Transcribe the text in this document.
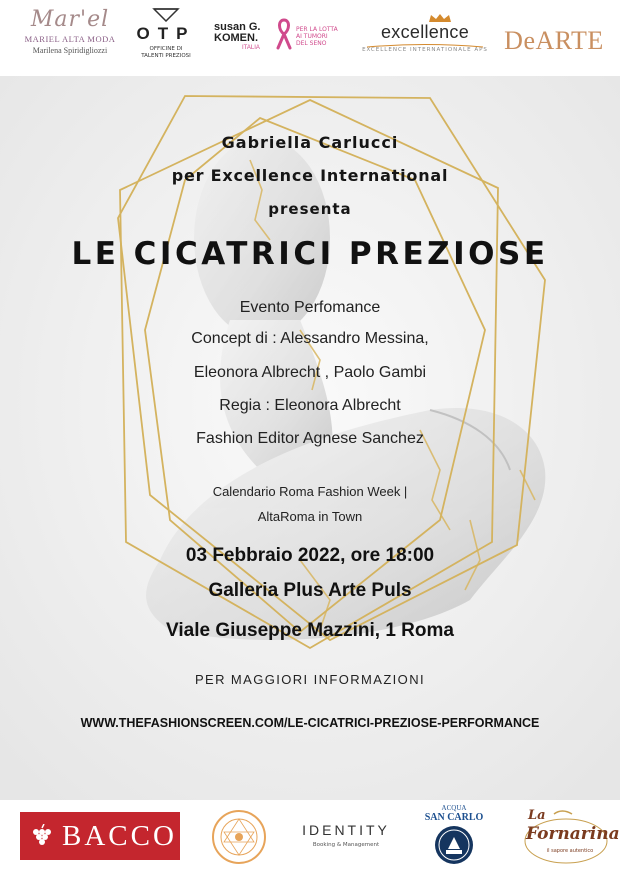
Mar'el
MARIEL ALTA MODA
Marilena Spiridigliozzi
OTP
OFFICINE DI
TALENTI PREZIOSI
susan G.
KOMEN.
ITALIA
PER LA LOTTA
AI TUMORI
DEL SENO
excellence
EXCELLENCE INTERNATIONALE APS DeARTE
Gabriella Carlucci
per Excellence International
presenta
LE CICATRICI PREZIOSE
Evento Perfomance
Concept di : Alessandro Messina,
Eleonora Albrecht , Paolo Gambi
Regia : Eleonora Albrecht
Fashion Editor Agnese Sanchez
Calendario Roma Fashion Week |
AltaRoma in Town
03 Febbraio 2022, ore 18:00
Galleria Plus Arte Puls
Viale Giuseppe Mazzini, 1 Roma
PER MAGGIORI INFORMAZIONI
WWW.THEFASHIONSCREEN.COM/LE-CICATRICI-PREZIOSE-PERFORMANCE
BACCO	IDENTITY
Booking & Management
ACQUA
SAN CARLO	La
Fornarina
il sapore autentico
